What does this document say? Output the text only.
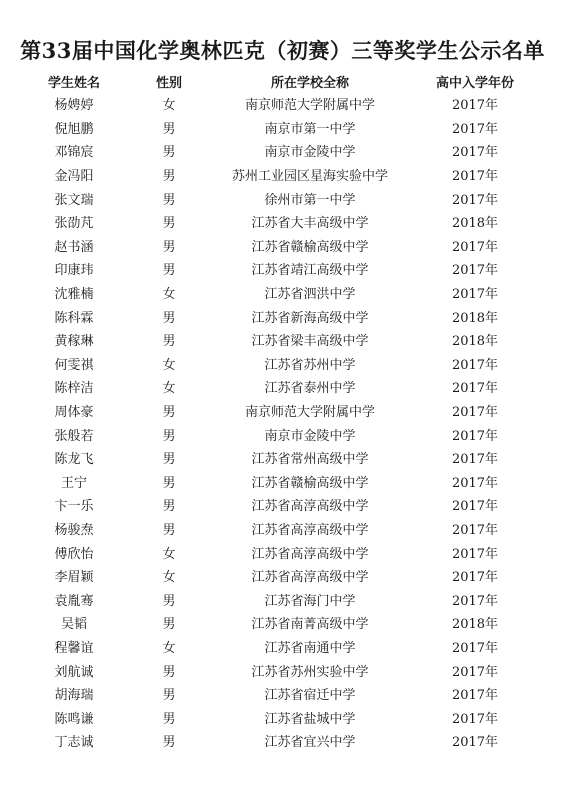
第33届中国化学奥林匹克（初赛）三等奖学生公示名单
学生姓名	性别	所在学校全称	高中入学年份
杨娉婷	女	南京师范大学附属中学	2017年
倪旭鹏	男	南京市第一中学	2017年
邓锦宸	男	南京市金陵中学	2017年
金冯阳	男	苏州工业园区星海实验中学	2017年
张文瑞	男	徐州市第一中学	2017年
张劭芃	男	江苏省大丰高级中学	2018年
赵书涵	男	江苏省赣榆高级中学	2017年
印康玮	男	江苏省靖江高级中学	2017年
沈雅楠	女	江苏省泗洪中学	2017年
陈科霖	男	江苏省新海高级中学	2018年
黄稼琳	男	江苏省梁丰高级中学	2018年
何雯祺	女	江苏省苏州中学	2017年
陈梓洁	女	江苏省泰州中学	2017年
周体豪	男	南京师范大学附属中学	2017年
张般若	男	南京市金陵中学	2017年
陈龙飞	男	江苏省常州高级中学	2017年
王宁	男	江苏省赣榆高级中学	2017年
卞一乐	男	江苏省高淳高级中学	2017年
杨骏焘	男	江苏省高淳高级中学	2017年
傅欣怡	女	江苏省高淳高级中学	2017年
李眉颖	女	江苏省高淳高级中学	2017年
袁胤骞	男	江苏省海门中学	2017年
吴韬	男	江苏省南菁高级中学	2018年
程馨谊	女	江苏省南通中学	2017年
刘航诚	男	江苏省苏州实验中学	2017年
胡海瑞	男	江苏省宿迁中学	2017年
陈鸣谦	男	江苏省盐城中学	2017年
丁志诚	男	江苏省宜兴中学	2017年
